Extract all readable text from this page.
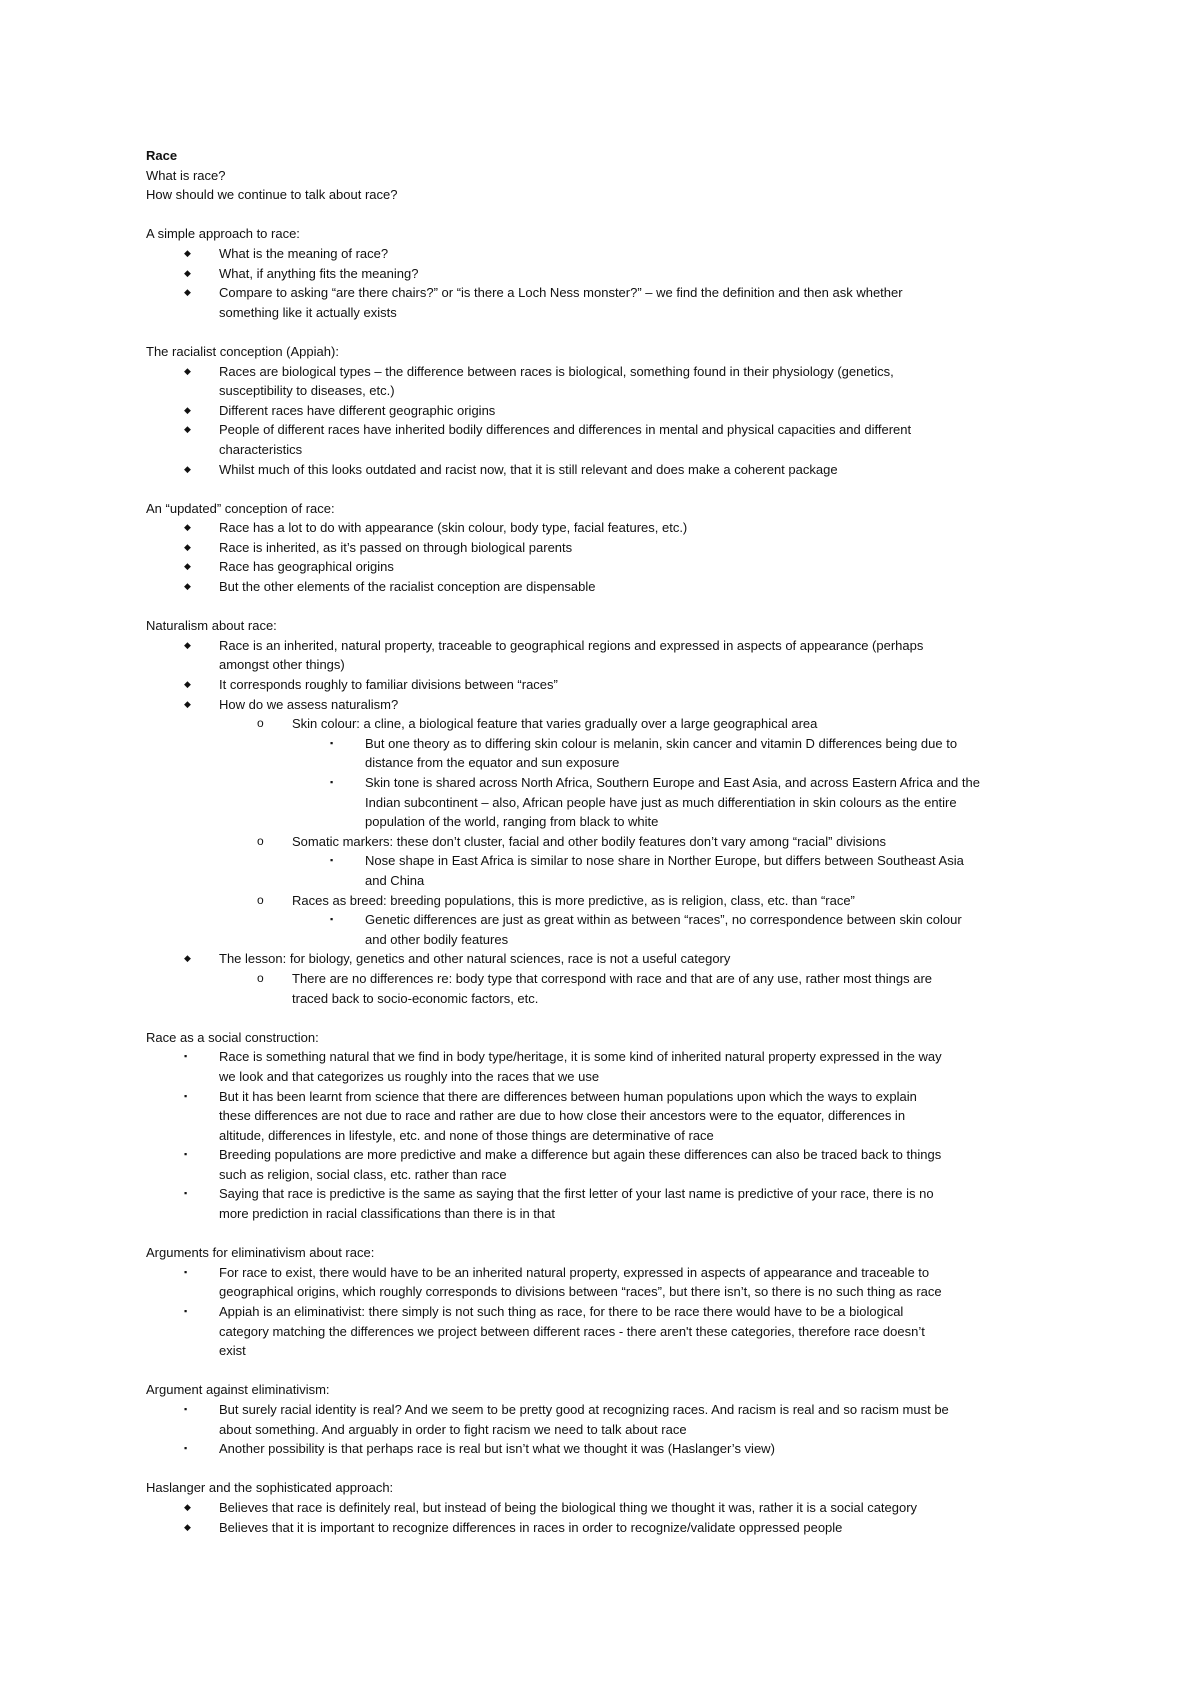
Race
What is race?
How should we continue to talk about race?
A simple approach to race:
◆ What is the meaning of race?
◆ What, if anything fits the meaning?
◆ Compare to asking “are there chairs?” or “is there a Loch Ness monster?” – we find the definition and then ask whether
something like it actually exists
The racialist conception (Appiah):
◆ Races are biological types – the difference between races is biological, something found in their physiology (genetics,
susceptibility to diseases, etc.)
◆ Different races have different geographic origins
◆ People of different races have inherited bodily differences and differences in mental and physical capacities and different
characteristics
◆ Whilst much of this looks outdated and racist now, that it is still relevant and does make a coherent package
An “updated” conception of race:
◆ Race has a lot to do with appearance (skin colour, body type, facial features, etc.)
◆ Race is inherited, as it’s passed on through biological parents
◆ Race has geographical origins
◆ But the other elements of the racialist conception are dispensable
Naturalism about race:
◆ Race is an inherited, natural property, traceable to geographical regions and expressed in aspects of appearance (perhaps
amongst other things)
◆ It corresponds roughly to familiar divisions between “races”
◆ How do we assess naturalism?
o Skin colour: a cline, a biological feature that varies gradually over a large geographical area
▪ But one theory as to differing skin colour is melanin, skin cancer and vitamin D differences being due to
distance from the equator and sun exposure
▪ Skin tone is shared across North Africa, Southern Europe and East Asia, and across Eastern Africa and the
Indian subcontinent – also, African people have just as much differentiation in skin colours as the entire
population of the world, ranging from black to white
o Somatic markers: these don’t cluster, facial and other bodily features don’t vary among “racial” divisions
▪ Nose shape in East Africa is similar to nose share in Norther Europe, but differs between Southeast Asia
and China
o Races as breed: breeding populations, this is more predictive, as is religion, class, etc. than “race”
▪ Genetic differences are just as great within as between “races”, no correspondence between skin colour
and other bodily features
◆ The lesson: for biology, genetics and other natural sciences, race is not a useful category
o There are no differences re: body type that correspond with race and that are of any use, rather most things are
traced back to socio-economic factors, etc.
Race as a social construction:
▪ Race is something natural that we find in body type/heritage, it is some kind of inherited natural property expressed in the way
we look and that categorizes us roughly into the races that we use
▪ But it has been learnt from science that there are differences between human populations upon which the ways to explain
these differences are not due to race and rather are due to how close their ancestors were to the equator, differences in
altitude, differences in lifestyle, etc. and none of those things are determinative of race
▪ Breeding populations are more predictive and make a difference but again these differences can also be traced back to things
such as religion, social class, etc. rather than race
▪ Saying that race is predictive is the same as saying that the first letter of your last name is predictive of your race, there is no
more prediction in racial classifications than there is in that
Arguments for eliminativism about race:
▪ For race to exist, there would have to be an inherited natural property, expressed in aspects of appearance and traceable to
geographical origins, which roughly corresponds to divisions between “races”, but there isn’t, so there is no such thing as race
▪ Appiah is an eliminativist: there simply is not such thing as race, for there to be race there would have to be a biological
category matching the differences we project between different races - there aren't these categories, therefore race doesn’t
exist
Argument against eliminativism:
▪ But surely racial identity is real? And we seem to be pretty good at recognizing races. And racism is real and so racism must be
about something. And arguably in order to fight racism we need to talk about race
▪ Another possibility is that perhaps race is real but isn’t what we thought it was (Haslanger’s view)
Haslanger and the sophisticated approach:
◆ Believes that race is definitely real, but instead of being the biological thing we thought it was, rather it is a social category
◆ Believes that it is important to recognize differences in races in order to recognize/validate oppressed people
